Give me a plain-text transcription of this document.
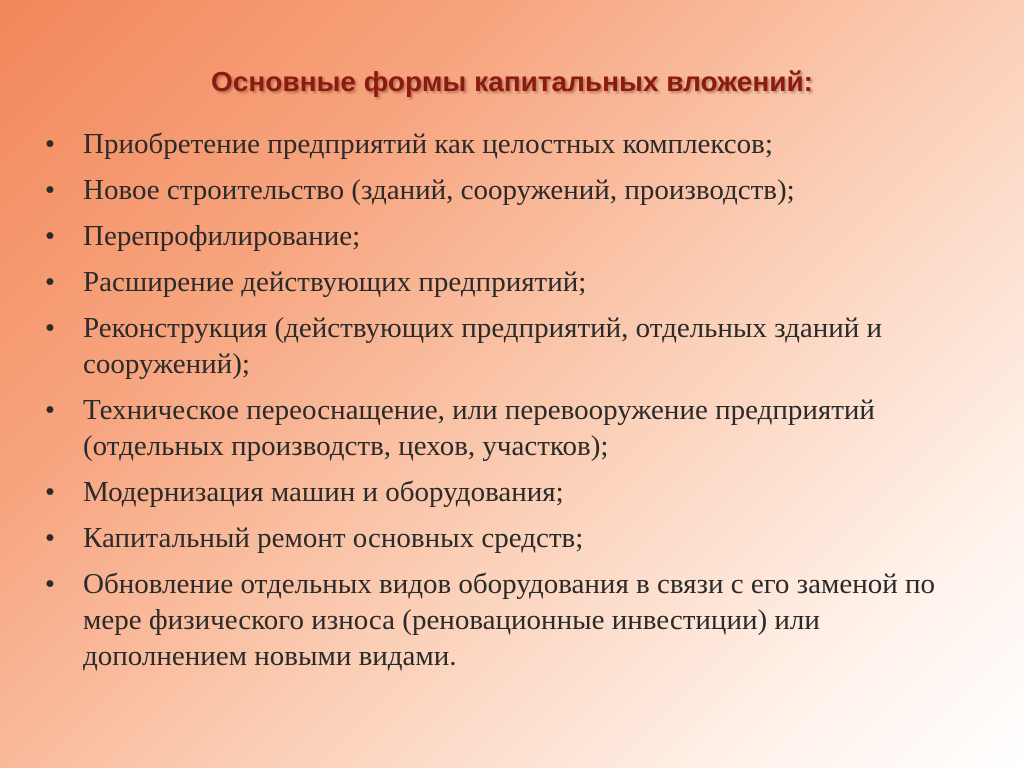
Основные формы капитальных вложений:
• Приобретение предприятий как целостных комплексов;
• Новое строительство (зданий, сооружений, производств);
• Перепрофилирование;
• Расширение действующих предприятий;
• Реконструкция (действующих предприятий, отдельных зданий и сооружений);
• Техническое переоснащение, или перевооружение предприятий (отдельных производств, цехов, участков);
• Модернизация машин и оборудования;
• Капитальный ремонт основных средств;
• Обновление отдельных видов оборудования в связи с его заменой по мере физического износа (реновационные инвестиции) или дополнением новыми видами.
